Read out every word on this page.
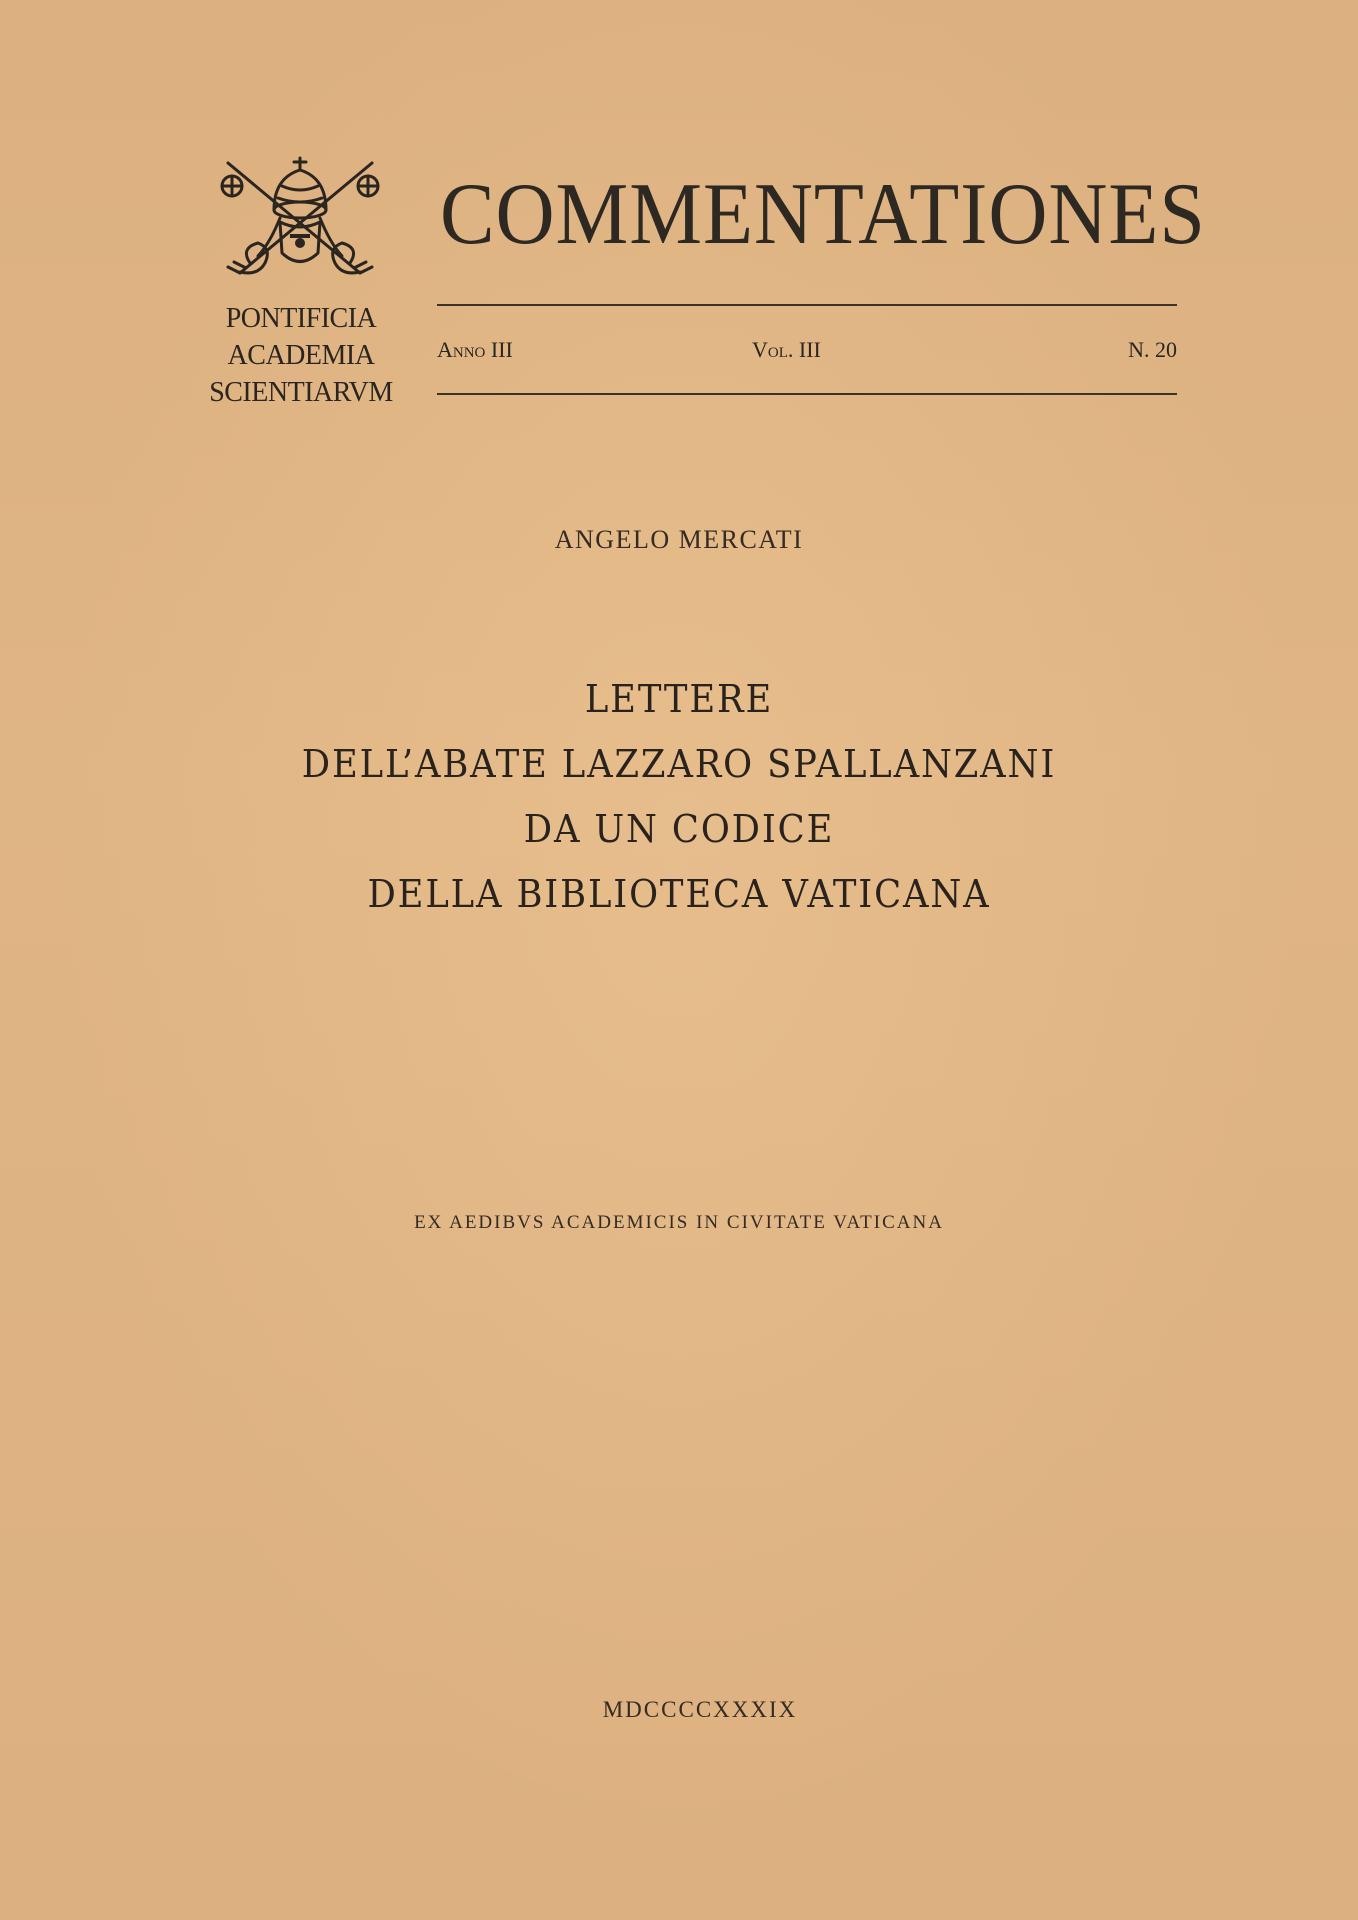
PONTIFICIA
ACADEMIA
SCIENTIARVM
COMMENTATIONES
Anno III	Vol. III	N. 20
ANGELO MERCATI
LETTERE
DELL’ABATE LAZZARO SPALLANZANI
DA UN CODICE
DELLA BIBLIOTECA VATICANA
EX AEDIBVS ACADEMICIS IN CIVITATE VATICANA
MDCCCCXXXIX
